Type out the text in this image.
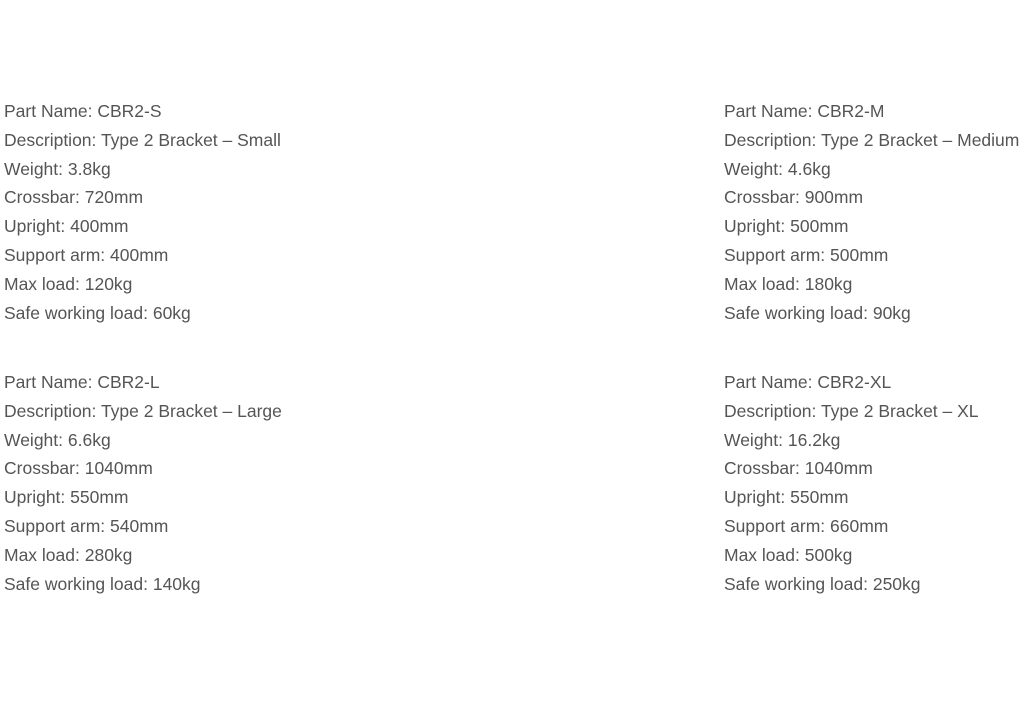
Part Name: CBR2-S

Description: Type 2 Bracket – Small

Weight: 3.8kg

Crossbar: 720mm

Upright: 400mm

Support arm: 400mm

Max load: 120kg

Safe working load: 60kg

Part Name: CBR2-M

Description: Type 2 Bracket – Medium

Weight: 4.6kg

Crossbar: 900mm

Upright: 500mm

Support arm: 500mm

Max load: 180kg

Safe working load: 90kg

Part Name: CBR2-L

Description: Type 2 Bracket – Large

Weight: 6.6kg

Crossbar: 1040mm

Upright: 550mm

Support arm: 540mm

Max load: 280kg

Safe working load: 140kg

Part Name: CBR2-XL

Description: Type 2 Bracket – XL

Weight: 16.2kg

Crossbar: 1040mm

Upright: 550mm

Support arm: 660mm

Max load: 500kg

Safe working load: 250kg
